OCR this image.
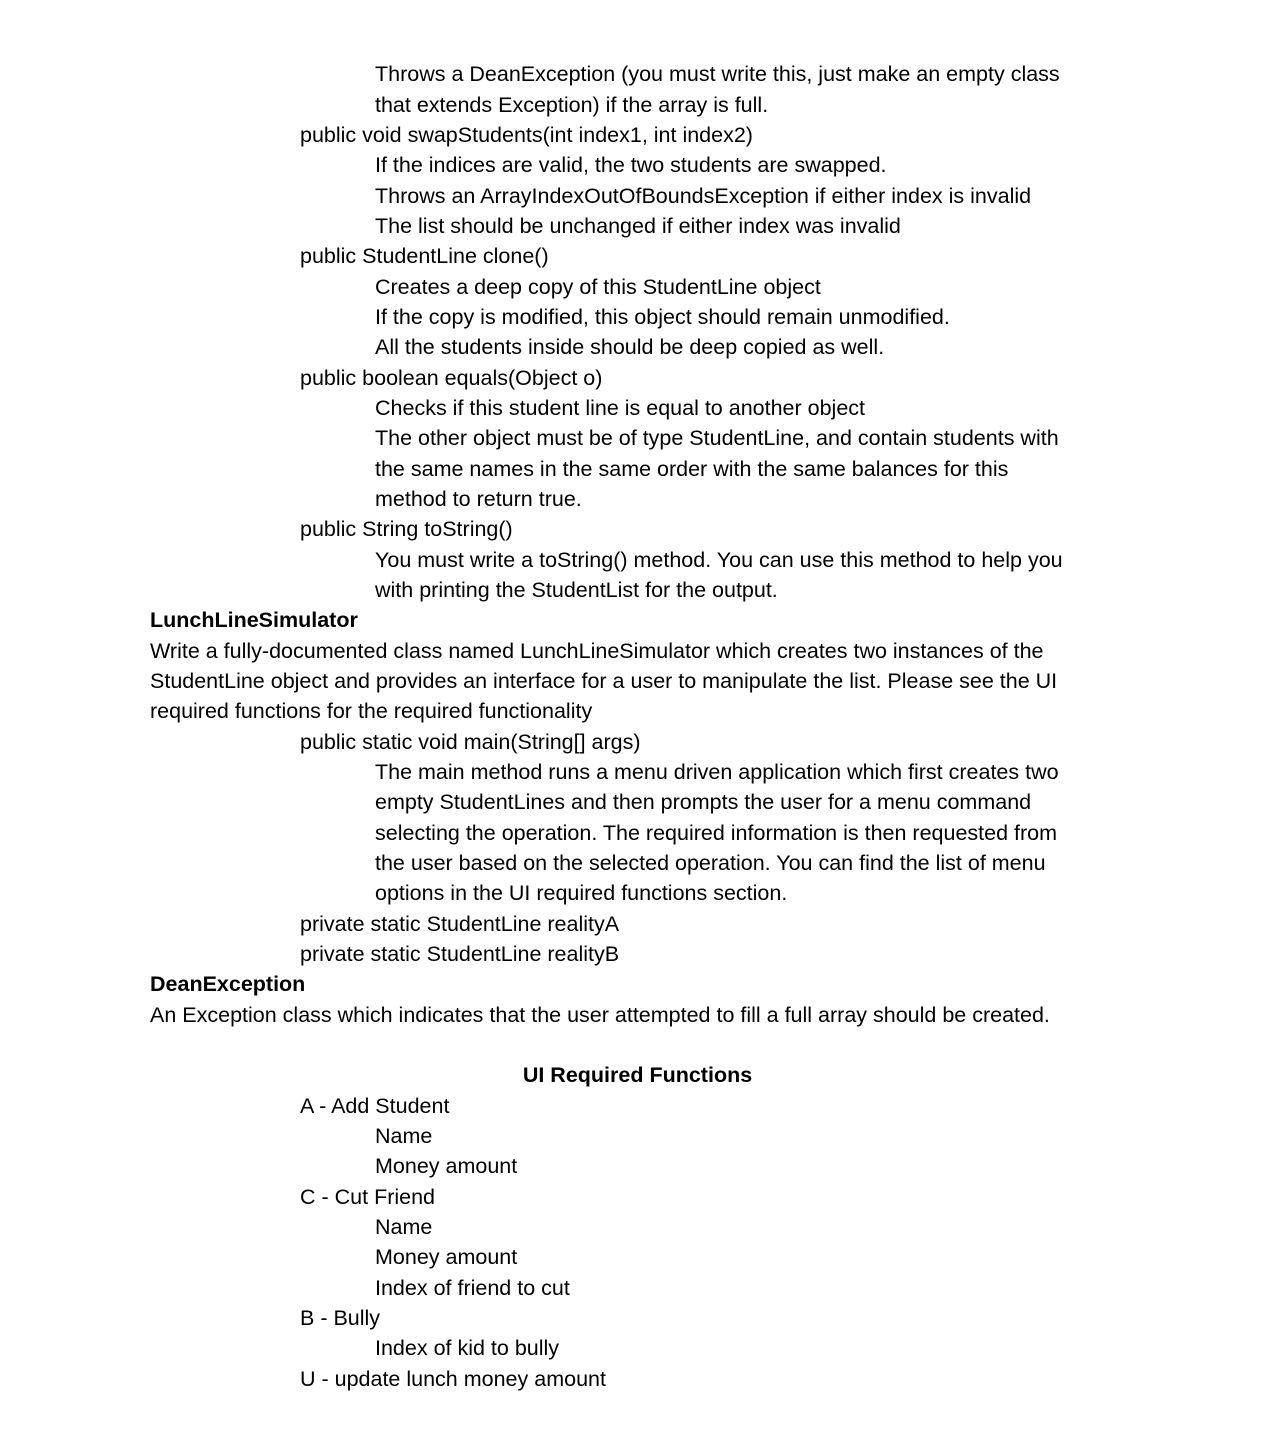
Throws a DeanException (you must write this, just make an empty class
that extends Exception) if the array is full.
public void swapStudents(int index1, int index2)
If the indices are valid, the two students are swapped.
Throws an ArrayIndexOutOfBoundsException if either index is invalid
The list should be unchanged if either index was invalid
public StudentLine clone()
Creates a deep copy of this StudentLine object
If the copy is modified, this object should remain unmodified.
All the students inside should be deep copied as well.
public boolean equals(Object o)
Checks if this student line is equal to another object
The other object must be of type StudentLine, and contain students with
the same names in the same order with the same balances for this
method to return true.
public String toString()
You must write a toString() method. You can use this method to help you
with printing the StudentList for the output.
LunchLineSimulator
Write a fully-documented class named LunchLineSimulator which creates two instances of the
StudentLine object and provides an interface for a user to manipulate the list. Please see the UI
required functions for the required functionality
public static void main(String[] args)
The main method runs a menu driven application which first creates two
empty StudentLines and then prompts the user for a menu command
selecting the operation. The required information is then requested from
the user based on the selected operation. You can find the list of menu
options in the UI required functions section.
private static StudentLine realityA
private static StudentLine realityB
DeanException
An Exception class which indicates that the user attempted to fill a full array should be created.
UI Required Functions
A - Add Student
Name
Money amount
C - Cut Friend
Name
Money amount
Index of friend to cut
B - Bully
Index of kid to bully
U - update lunch money amount
